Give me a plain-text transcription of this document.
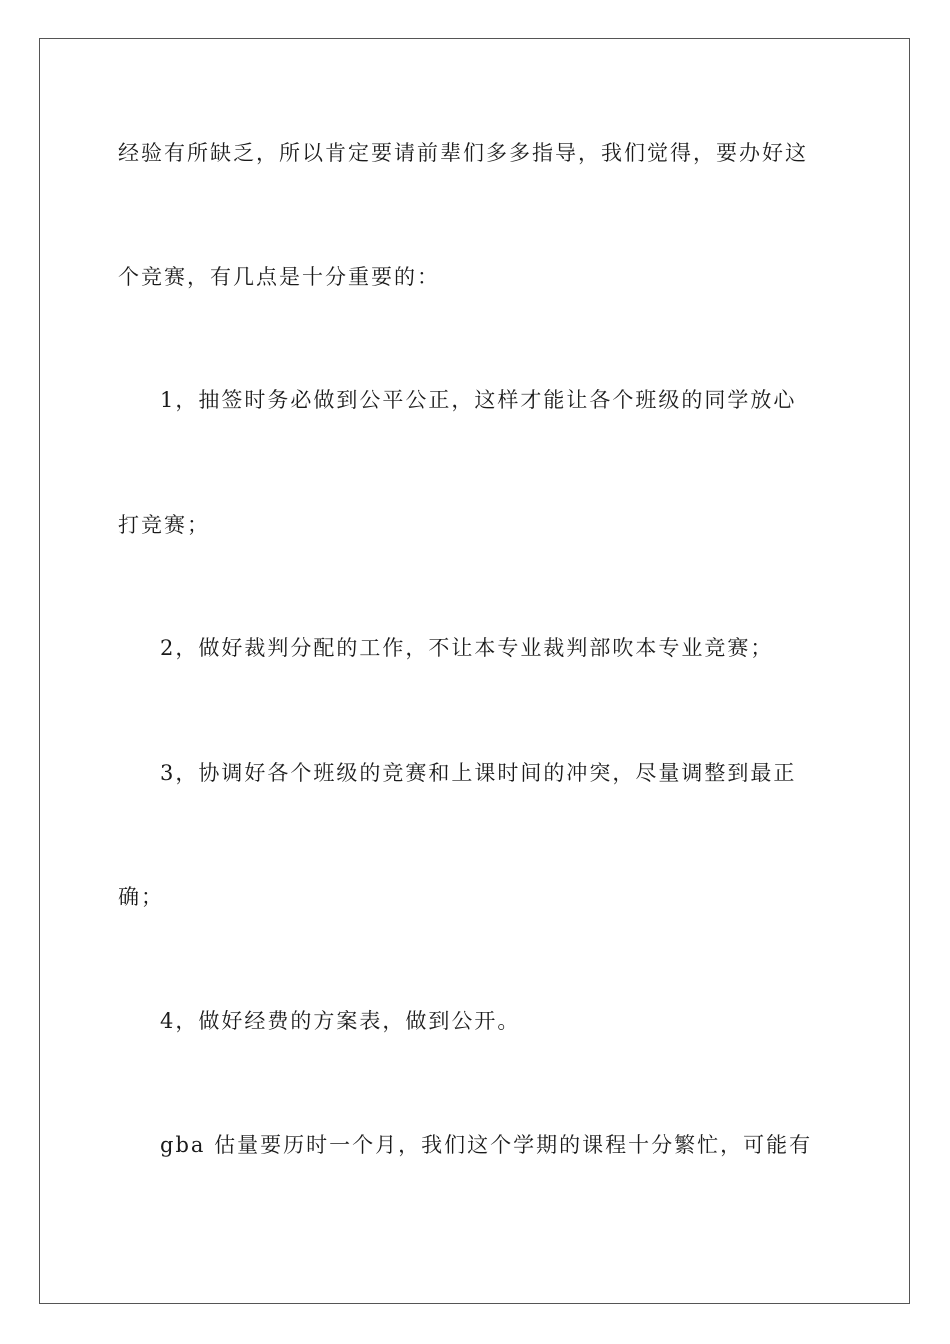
经验有所缺乏，所以肯定要请前辈们多多指导，我们觉得，要办好这
个竞赛，有几点是十分重要的：
1，抽签时务必做到公平公正，这样才能让各个班级的同学放心
打竞赛；
2，做好裁判分配的工作，不让本专业裁判部吹本专业竞赛；
3，协调好各个班级的竞赛和上课时间的冲突，尽量调整到最正
确；
4，做好经费的方案表，做到公开。
gba 估量要历时一个月，我们这个学期的课程十分繁忙，可能有
